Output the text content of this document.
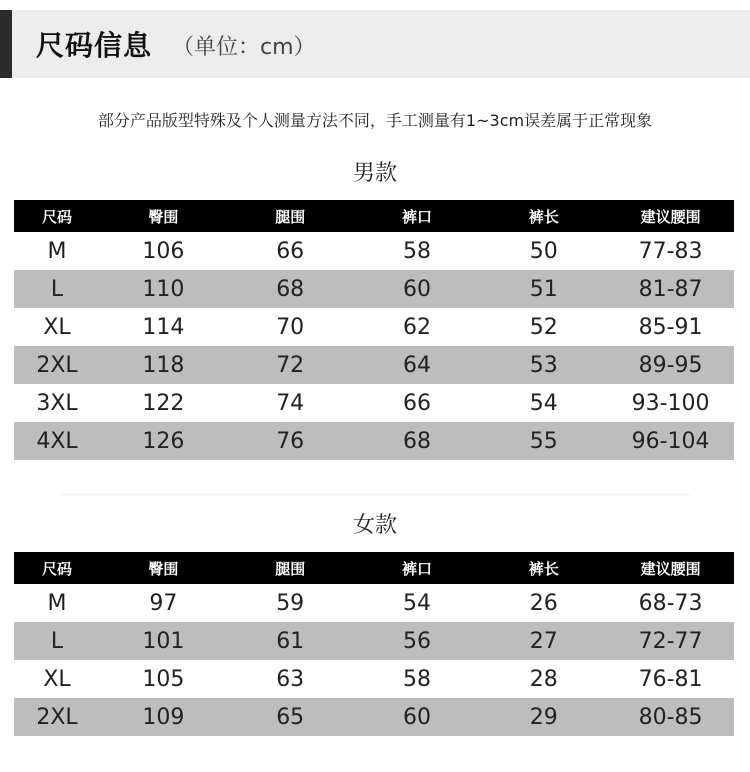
尺码信息 （单位：cm）
部分产品版型特殊及个人测量方法不同，手工测量有1~3cm误差属于正常现象
男款
尺码	臀围	腿围	裤口	裤长	建议腰围
M	106	66	58	50	77-83
L	110	68	60	51	81-87
XL	114	70	62	52	85-91
2XL	118	72	64	53	89-95
3XL	122	74	66	54	93-100
4XL	126	76	68	55	96-104
女款
尺码	臀围	腿围	裤口	裤长	建议腰围
M	97	59	54	26	68-73
L	101	61	56	27	72-77
XL	105	63	58	28	76-81
2XL	109	65	60	29	80-85
